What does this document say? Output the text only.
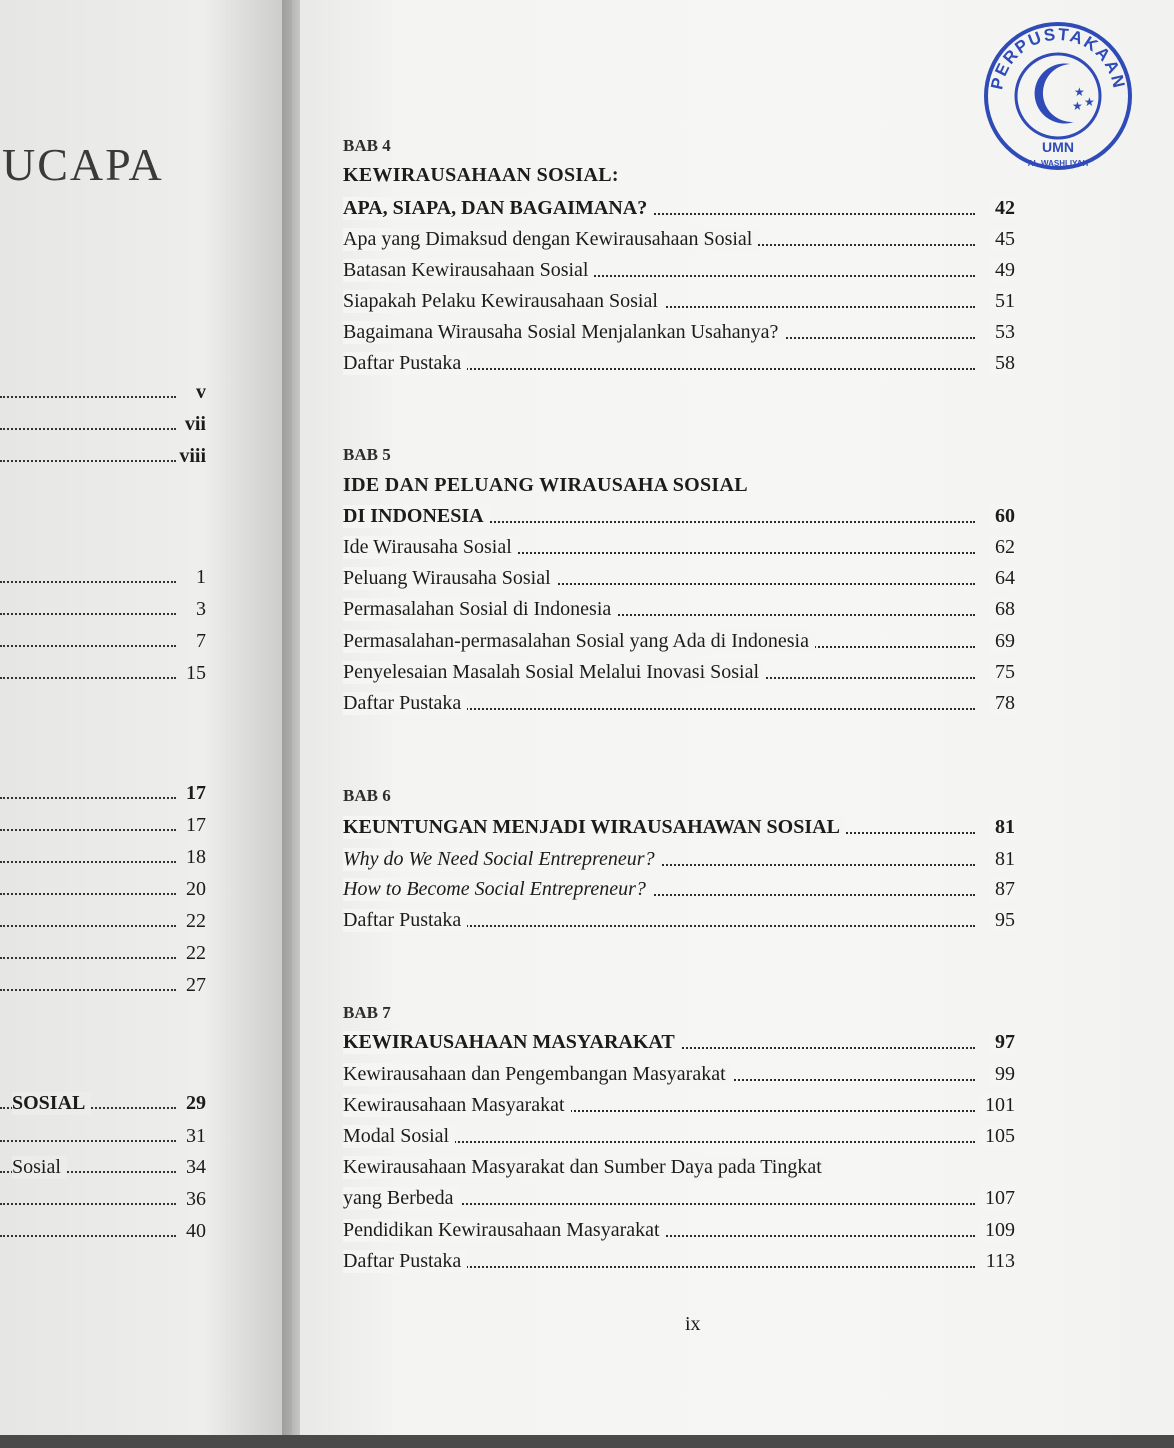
UCAPA
v
vii
viii
1
3
7
15
17
17
18
20
22
22
27
SOSIAL	29
31
Sosial	34
36
40
PERPUSTAKAAN
★
★
★
UMN
AL-WASHLIYAH
BAB 4
KEWIRAUSAHAAN SOSIAL:
APA, SIAPA, DAN BAGAIMANA?	42
Apa yang Dimaksud dengan Kewirausahaan Sosial	45
Batasan Kewirausahaan Sosial	49
Siapakah Pelaku Kewirausahaan Sosial	51
Bagaimana Wirausaha Sosial Menjalankan Usahanya?	53
Daftar Pustaka	58
BAB 5
IDE DAN PELUANG WIRAUSAHA SOSIAL
DI INDONESIA	60
Ide Wirausaha Sosial	62
Peluang Wirausaha Sosial	64
Permasalahan Sosial di Indonesia	68
Permasalahan-permasalahan Sosial yang Ada di Indonesia	69
Penyelesaian Masalah Sosial Melalui Inovasi Sosial	75
Daftar Pustaka	78
BAB 6
KEUNTUNGAN MENJADI WIRAUSAHAWAN SOSIAL	81
Why do We Need Social Entrepreneur?	81
How to Become Social Entrepreneur?	87
Daftar Pustaka	95
BAB 7
KEWIRAUSAHAAN MASYARAKAT	97
Kewirausahaan dan Pengembangan Masyarakat	99
Kewirausahaan Masyarakat	101
Modal Sosial	105
Kewirausahaan Masyarakat dan Sumber Daya pada Tingkat
yang Berbeda	107
Pendidikan Kewirausahaan Masyarakat	109
Daftar Pustaka	113
ix
